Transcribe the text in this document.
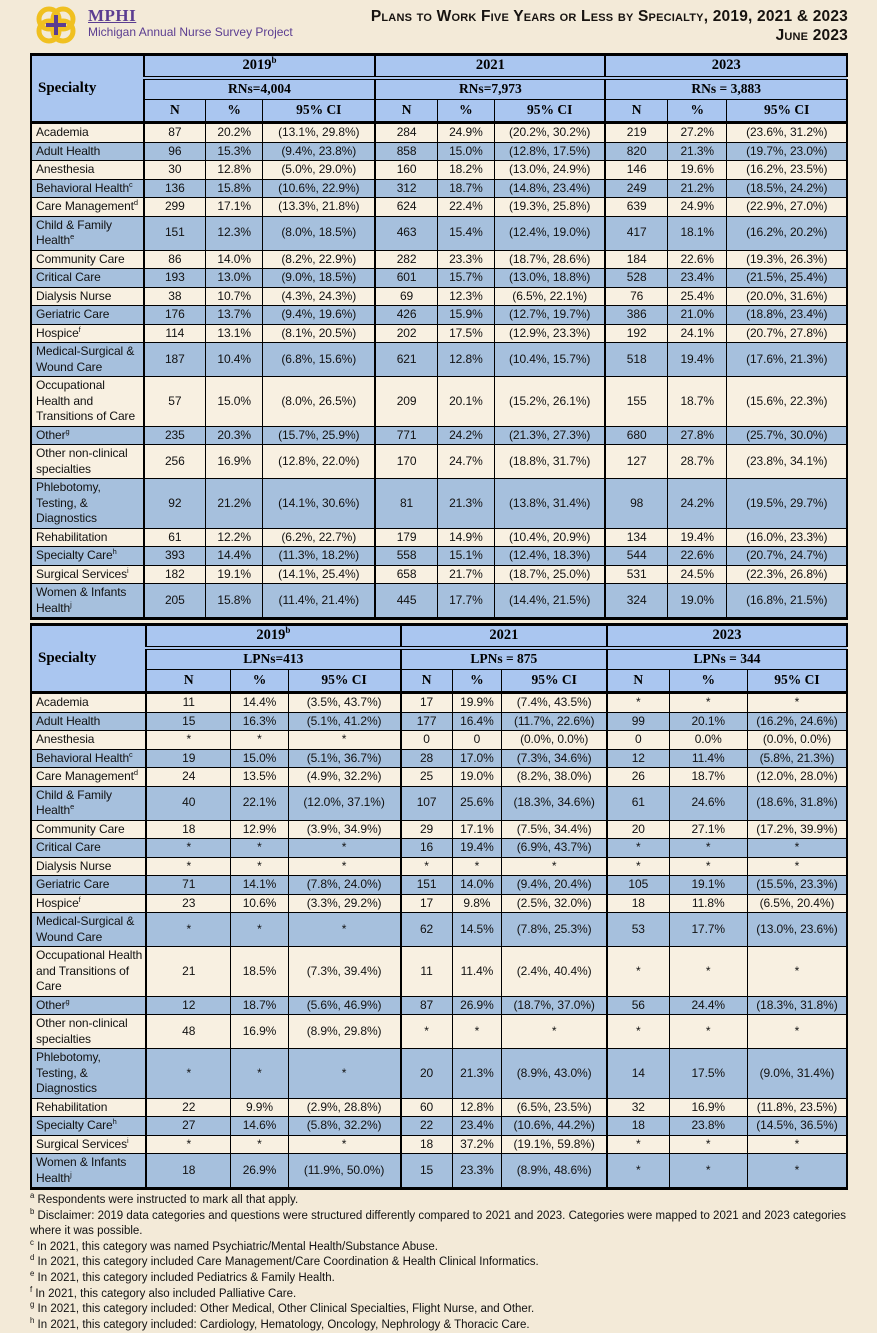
MPHI
Michigan Annual Nurse Survey Project
Plans to Work Five Years or Less by Specialty, 2019, 2021 & 2023
June 2023
Specialty	2019$^b$			2021			2023		
	RNs=4,004			RNs=7,973			RNs = 3,883		
	N	%	95% CI	N	%	95% CI	N	%	95% CI
Academia	87	20.2%	(13.1%, 29.8%)	284	24.9%	(20.2%, 30.2%)	219	27.2%	(23.6%, 31.2%)
Adult Health	96	15.3%	(9.4%, 23.8%)	858	15.0%	(12.8%, 17.5%)	820	21.3%	(19.7%, 23.0%)
Anesthesia	30	12.8%	(5.0%, 29.0%)	160	18.2%	(13.0%, 24.9%)	146	19.6%	(16.2%, 23.5%)
Behavioral Health$^c$	136	15.8%	(10.6%, 22.9%)	312	18.7%	(14.8%, 23.4%)	249	21.2%	(18.5%, 24.2%)
Care Management$^d$	299	17.1%	(13.3%, 21.8%)	624	22.4%	(19.3%, 25.8%)	639	24.9%	(22.9%, 27.0%)
Child & Family Health$^e$	151	12.3%	(8.0%, 18.5%)	463	15.4%	(12.4%, 19.0%)	417	18.1%	(16.2%, 20.2%)
Community Care	86	14.0%	(8.2%, 22.9%)	282	23.3%	(18.7%, 28.6%)	184	22.6%	(19.3%, 26.3%)
Critical Care	193	13.0%	(9.0%, 18.5%)	601	15.7%	(13.0%, 18.8%)	528	23.4%	(21.5%, 25.4%)
Dialysis Nurse	38	10.7%	(4.3%, 24.3%)	69	12.3%	(6.5%, 22.1%)	76	25.4%	(20.0%, 31.6%)
Geriatric Care	176	13.7%	(9.4%, 19.6%)	426	15.9%	(12.7%, 19.7%)	386	21.0%	(18.8%, 23.4%)
Hospice$^f$	114	13.1%	(8.1%, 20.5%)	202	17.5%	(12.9%, 23.3%)	192	24.1%	(20.7%, 27.8%)
Medical-Surgical & Wound Care	187	10.4%	(6.8%, 15.6%)	621	12.8%	(10.4%, 15.7%)	518	19.4%	(17.6%, 21.3%)
Occupational Health and Transitions of Care	57	15.0%	(8.0%, 26.5%)	209	20.1%	(15.2%, 26.1%)	155	18.7%	(15.6%, 22.3%)
Other$^g$	235	20.3%	(15.7%, 25.9%)	771	24.2%	(21.3%, 27.3%)	680	27.8%	(25.7%, 30.0%)
Other non-clinical specialties	256	16.9%	(12.8%, 22.0%)	170	24.7%	(18.8%, 31.7%)	127	28.7%	(23.8%, 34.1%)
Phlebotomy, Testing, & Diagnostics	92	21.2%	(14.1%, 30.6%)	81	21.3%	(13.8%, 31.4%)	98	24.2%	(19.5%, 29.7%)
Rehabilitation	61	12.2%	(6.2%, 22.7%)	179	14.9%	(10.4%, 20.9%)	134	19.4%	(16.0%, 23.3%)
Specialty Care$^h$	393	14.4%	(11.3%, 18.2%)	558	15.1%	(12.4%, 18.3%)	544	22.6%	(20.7%, 24.7%)
Surgical Services$^i$	182	19.1%	(14.1%, 25.4%)	658	21.7%	(18.7%, 25.0%)	531	24.5%	(22.3%, 26.8%)
Women & Infants Health$^j$	205	15.8%	(11.4%, 21.4%)	445	17.7%	(14.4%, 21.5%)	324	19.0%	(16.8%, 21.5%)
Specialty	2019$^b$			2021			2023		
	LPNs=413			LPNs = 875			LPNs = 344		
	N	%	95% CI	N	%	95% CI	N	%	95% CI
Academia	11	14.4%	(3.5%, 43.7%)	17	19.9%	(7.4%, 43.5%)	*	*	*
Adult Health	15	16.3%	(5.1%, 41.2%)	177	16.4%	(11.7%, 22.6%)	99	20.1%	(16.2%, 24.6%)
Anesthesia	*	*	*	0	0	(0.0%, 0.0%)	0	0.0%	(0.0%, 0.0%)
Behavioral Health$^c$	19	15.0%	(5.1%, 36.7%)	28	17.0%	(7.3%, 34.6%)	12	11.4%	(5.8%, 21.3%)
Care Management$^d$	24	13.5%	(4.9%, 32.2%)	25	19.0%	(8.2%, 38.0%)	26	18.7%	(12.0%, 28.0%)
Child & Family Health$^e$	40	22.1%	(12.0%, 37.1%)	107	25.6%	(18.3%, 34.6%)	61	24.6%	(18.6%, 31.8%)
Community Care	18	12.9%	(3.9%, 34.9%)	29	17.1%	(7.5%, 34.4%)	20	27.1%	(17.2%, 39.9%)
Critical Care	*	*	*	16	19.4%	(6.9%, 43.7%)	*	*	*
Dialysis Nurse	*	*	*	*	*	*	*	*	*
Geriatric Care	71	14.1%	(7.8%, 24.0%)	151	14.0%	(9.4%, 20.4%)	105	19.1%	(15.5%, 23.3%)
Hospice$^f$	23	10.6%	(3.3%, 29.2%)	17	9.8%	(2.5%, 32.0%)	18	11.8%	(6.5%, 20.4%)
Medical-Surgical & Wound Care	*	*	*	62	14.5%	(7.8%, 25.3%)	53	17.7%	(13.0%, 23.6%)
Occupational Health and Transitions of Care	21	18.5%	(7.3%, 39.4%)	11	11.4%	(2.4%, 40.4%)	*	*	*
Other$^g$	12	18.7%	(5.6%, 46.9%)	87	26.9%	(18.7%, 37.0%)	56	24.4%	(18.3%, 31.8%)
Other non-clinical specialties	48	16.9%	(8.9%, 29.8%)	*	*	*	*	*	*
Phlebotomy, Testing, & Diagnostics	*	*	*	20	21.3%	(8.9%, 43.0%)	14	17.5%	(9.0%, 31.4%)
Rehabilitation	22	9.9%	(2.9%, 28.8%)	60	12.8%	(6.5%, 23.5%)	32	16.9%	(11.8%, 23.5%)
Specialty Care$^h$	27	14.6%	(5.8%, 32.2%)	22	23.4%	(10.6%, 44.2%)	18	23.8%	(14.5%, 36.5%)
Surgical Services$^i$	*	*	*	18	37.2%	(19.1%, 59.8%)	*	*	*
Women & Infants Health$^j$	18	26.9%	(11.9%, 50.0%)	15	23.3%	(8.9%, 48.6%)	*	*	*
$^a$ Respondents were instructed to mark all that apply.
$^b$ Disclaimer: 2019 data categories and questions were structured differently compared to 2021 and 2023. Categories were mapped to 2021 and 2023 categories where it was possible.
$^c$ In 2021, this category was named Psychiatric/Mental Health/Substance Abuse.
$^d$ In 2021, this category included Care Management/Care Coordination & Health Clinical Informatics.
$^e$ In 2021, this category included Pediatrics & Family Health.
$^f$ In 2021, this category also included Palliative Care.
$^g$ In 2021, this category included: Other Medical, Other Clinical Specialties, Flight Nurse, and Other.
$^h$ In 2021, this category included: Cardiology, Hematology, Oncology, Nephrology & Thoracic Care.
